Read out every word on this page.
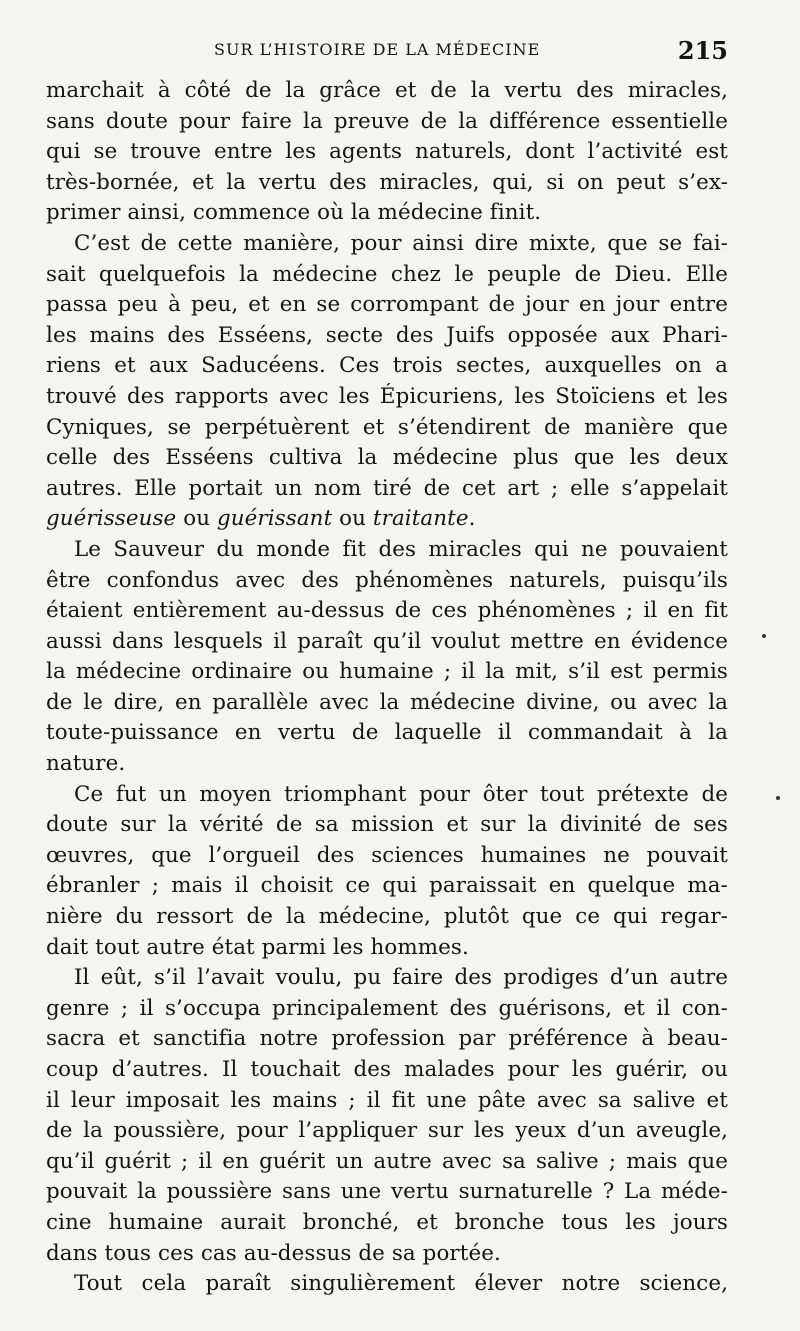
SUR L’HISTOIRE DE LA MÉDECINE	215

marchait à côté de la grâce et de la vertu des miracles,
sans doute pour faire la preuve de la différence essentielle
qui se trouve entre les agents naturels, dont l’activité est
très-bornée, et la vertu des miracles, qui, si on peut s’ex-
primer ainsi, commence où la médecine finit.

C’est de cette manière, pour ainsi dire mixte, que se fai-
sait quelquefois la médecine chez le peuple de Dieu. Elle
passa peu à peu, et en se corrompant de jour en jour entre
les mains des Esséens, secte des Juifs opposée aux Phari-
riens et aux Saducéens. Ces trois sectes, auxquelles on a
trouvé des rapports avec les Épicuriens, les Stoïciens et les
Cyniques, se perpétuèrent et s’étendirent de manière que
celle des Esséens cultiva la médecine plus que les deux
autres. Elle portait un nom tiré de cet art ; elle s’appelait
guérisseuse ou guérissant ou traitante.

Le Sauveur du monde fit des miracles qui ne pouvaient
être confondus avec des phénomènes naturels, puisqu’ils
étaient entièrement au-dessus de ces phénomènes ; il en fit
aussi dans lesquels il paraît qu’il voulut mettre en évidence
la médecine ordinaire ou humaine ; il la mit, s’il est permis
de le dire, en parallèle avec la médecine divine, ou avec la
toute-puissance en vertu de laquelle il commandait à la
nature.

Ce fut un moyen triomphant pour ôter tout prétexte de
doute sur la vérité de sa mission et sur la divinité de ses
œuvres, que l’orgueil des sciences humaines ne pouvait
ébranler ; mais il choisit ce qui paraissait en quelque ma-
nière du ressort de la médecine, plutôt que ce qui regar-
dait tout autre état parmi les hommes.

Il eût, s’il l’avait voulu, pu faire des prodiges d’un autre
genre ; il s’occupa principalement des guérisons, et il con-
sacra et sanctifia notre profession par préférence à beau-
coup d’autres. Il touchait des malades pour les guérir, ou
il leur imposait les mains ; il fit une pâte avec sa salive et
de la poussière, pour l’appliquer sur les yeux d’un aveugle,
qu’il guérit ; il en guérit un autre avec sa salive ; mais que
pouvait la poussière sans une vertu surnaturelle ? La méde-
cine humaine aurait bronché, et bronche tous les jours
dans tous ces cas au-dessus de sa portée.

Tout cela paraît singulièrement élever notre science,
